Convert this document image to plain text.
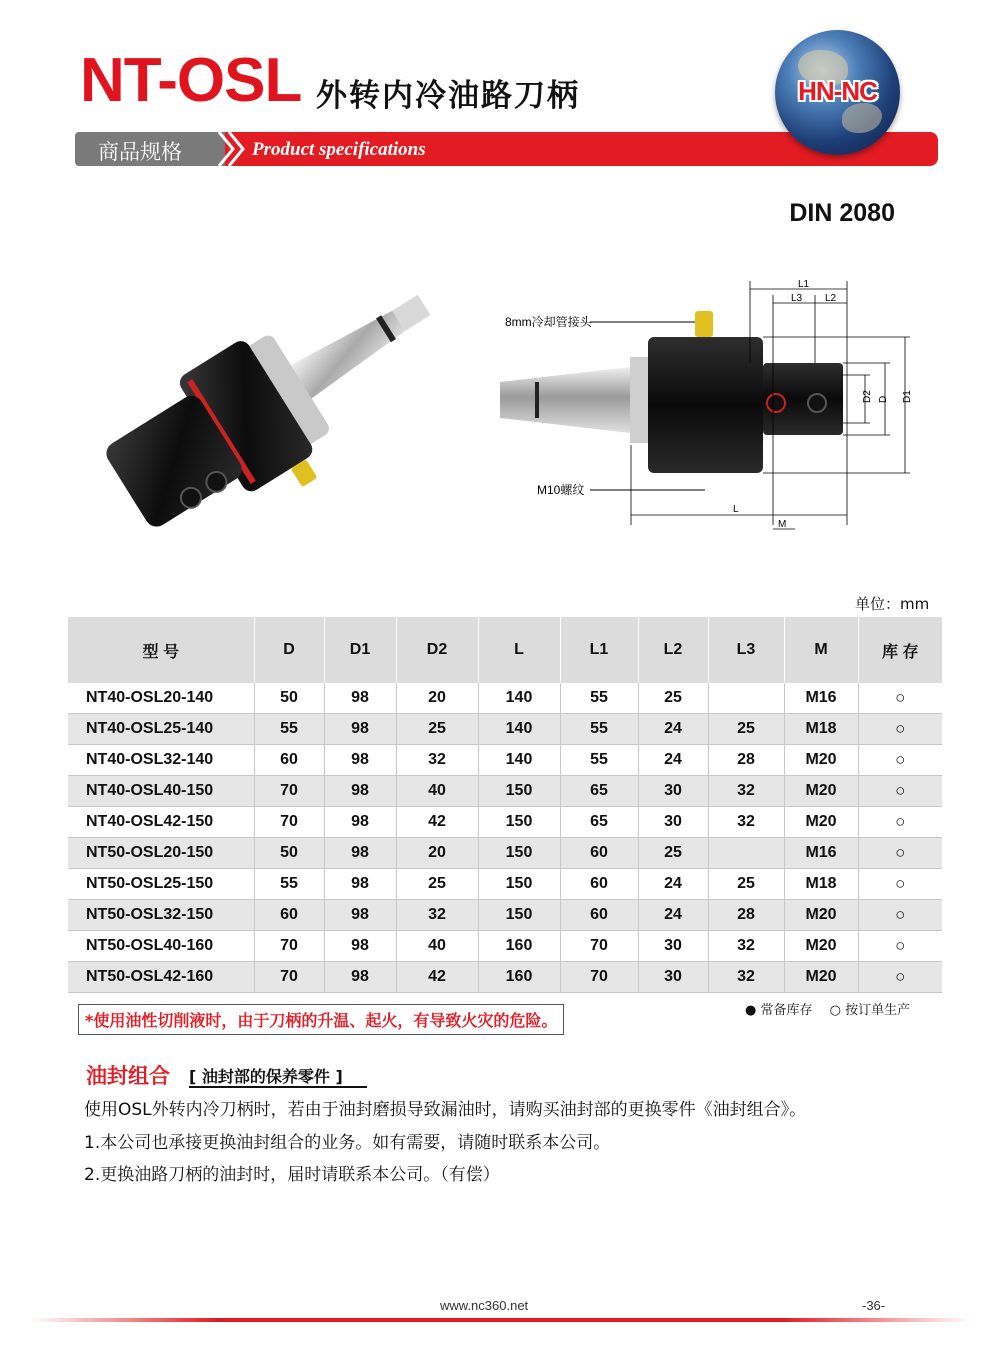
NT-OSL 外转内冷油路刀柄
商品规格	Product specifications
HN-NC
DIN 2080
8mm冷却管接头
M10螺纹
L1
L3 L2
L
M
D2 D D1
单位：mm
型 号	D	D1	D2	L	L1	L2	L3	M	库 存
NT40-OSL20-140	50	98	20	140	55	25		M16	○
NT40-OSL25-140	55	98	25	140	55	24	25	M18	○
NT40-OSL32-140	60	98	32	140	55	24	28	M20	○
NT40-OSL40-150	70	98	40	150	65	30	32	M20	○
NT40-OSL42-150	70	98	42	150	65	30	32	M20	○
NT50-OSL20-150	50	98	20	150	60	25		M16	○
NT50-OSL25-150	55	98	25	150	60	24	25	M18	○
NT50-OSL32-150	60	98	32	150	60	24	28	M20	○
NT50-OSL40-160	70	98	40	160	70	30	32	M20	○
NT50-OSL42-160	70	98	42	160	70	30	32	M20	○
*使用油性切削液时，由于刀柄的升温、起火，有导致火灾的危险。
● 常备库存　 ○ 按订单生产
油封组合 [ 油封部的保养零件 ]
使用OSL外转内冷刀柄时，若由于油封磨损导致漏油时，请购买油封部的更换零件《油封组合》。
1.本公司也承接更换油封组合的业务。如有需要，请随时联系本公司。
2.更换油路刀柄的油封时，届时请联系本公司。（有偿）
www.nc360.net	-36-
